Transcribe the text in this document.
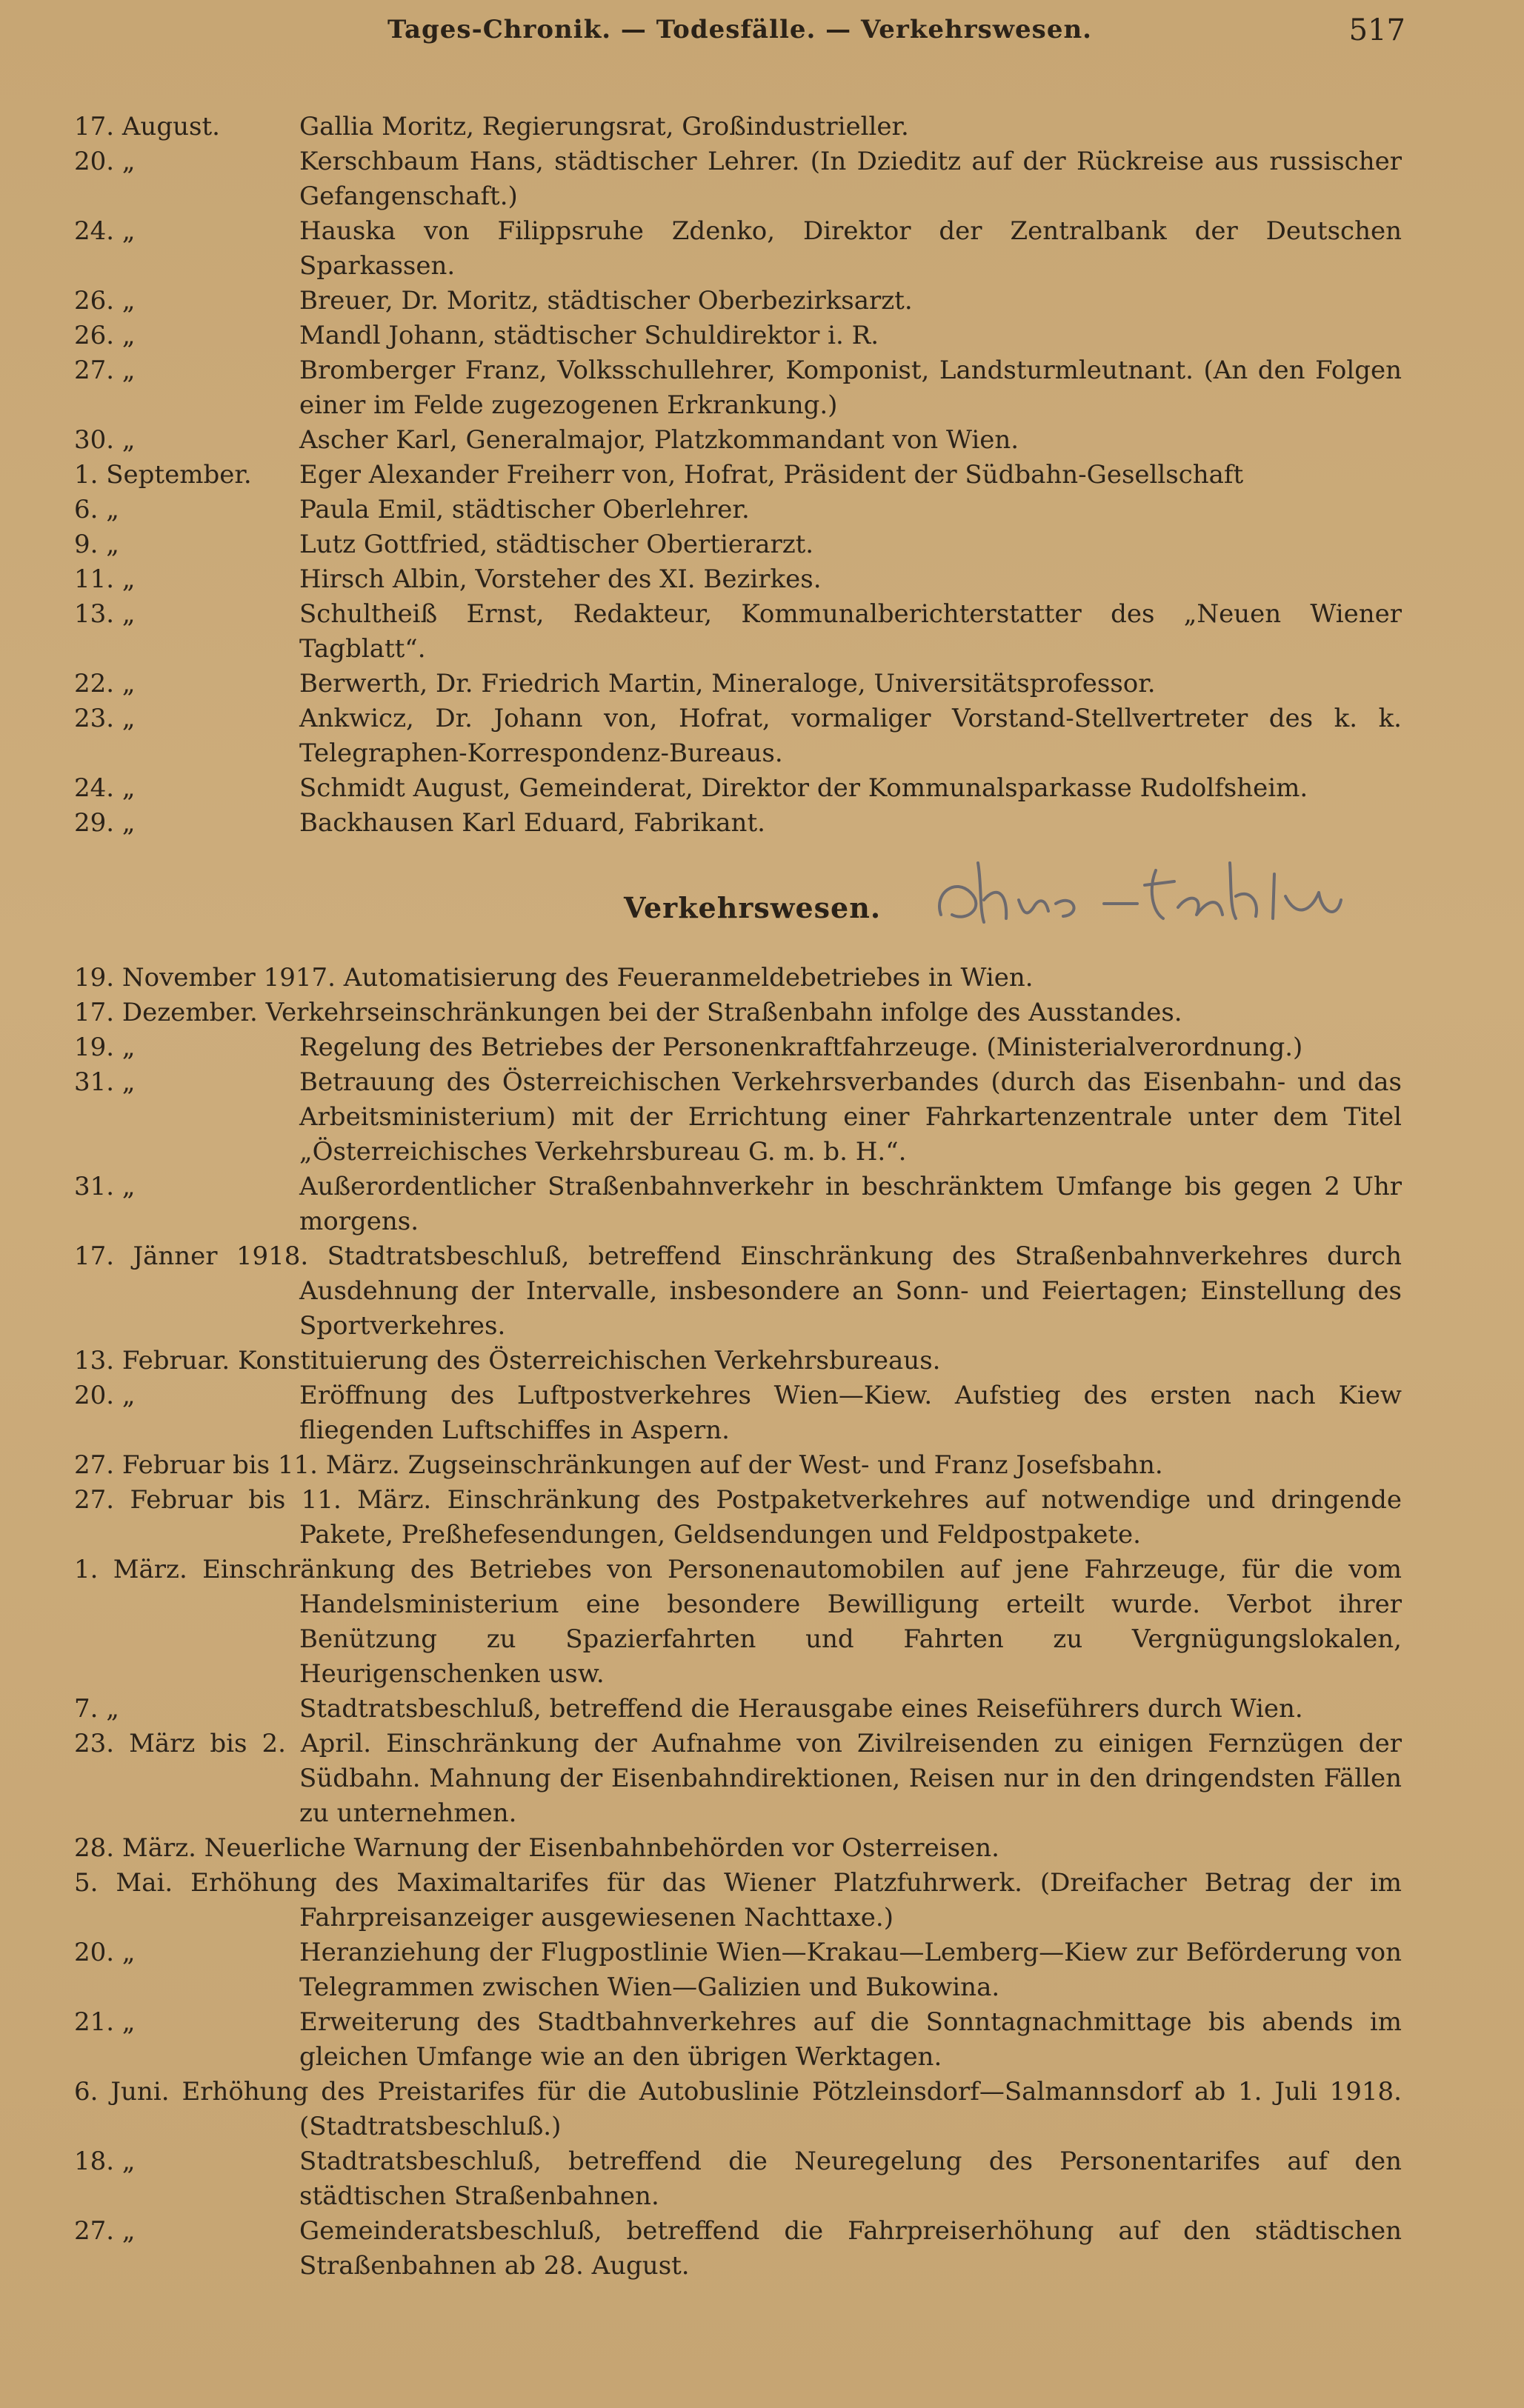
Tages-Chronik. — Todesfälle. — Verkehrswesen.	517
17. August.	Gallia Moritz, Regierungsrat, Großindustrieller.
20. „	Kerschbaum Hans, städtischer Lehrer. (In Dzieditz auf der Rückreise aus russischer Gefangenschaft.)
24. „	Hauska von Filippsruhe Zdenko, Direktor der Zentralbank der Deutschen Sparkassen.
26. „	Breuer, Dr. Moritz, städtischer Oberbezirksarzt.
26. „	Mandl Johann, städtischer Schuldirektor i. R.
27. „	Bromberger Franz, Volksschullehrer, Komponist, Landsturmleutnant. (An den Folgen einer im Felde zugezogenen Erkrankung.)
30. „	Ascher Karl, Generalmajor, Platzkommandant von Wien.
1. September.	Eger Alexander Freiherr von, Hofrat, Präsident der Südbahn-Gesellschaft
6. „	Paula Emil, städtischer Oberlehrer.
9. „	Lutz Gottfried, städtischer Obertierarzt.
11. „	Hirsch Albin, Vorsteher des XI. Bezirkes.
13. „	Schultheiß Ernst, Redakteur, Kommunalberichterstatter des „Neuen Wiener Tagblatt“.
22. „	Berwerth, Dr. Friedrich Martin, Mineraloge, Universitätsprofessor.
23. „	Ankwicz, Dr. Johann von, Hofrat, vormaliger Vorstand-Stellvertreter des k. k. Telegraphen-Korrespondenz-Bureaus.
24. „	Schmidt August, Gemeinderat, Direktor der Kommunalsparkasse Rudolfsheim.
29. „	Backhausen Karl Eduard, Fabrikant.
Verkehrswesen.
19. November 1917. Automatisierung des Feueranmeldebetriebes in Wien.
17. Dezember. Verkehrseinschränkungen bei der Straßenbahn infolge des Ausstandes.
19. „	Regelung des Betriebes der Personenkraftfahrzeuge. (Ministerialverordnung.)
31. „	Betrauung des Österreichischen Verkehrsverbandes (durch das Eisenbahn- und das Arbeitsministerium) mit der Errichtung einer Fahrkartenzentrale unter dem Titel „Österreichisches Verkehrsbureau G. m. b. H.“.
31. „	Außerordentlicher Straßenbahnverkehr in beschränktem Umfange bis gegen 2 Uhr morgens.
17. Jänner 1918. Stadtratsbeschluß, betreffend Einschränkung des Straßenbahnverkehres durch Ausdehnung der Intervalle, insbesondere an Sonn- und Feiertagen; Einstellung des Sportverkehres.
13. Februar. Konstituierung des Österreichischen Verkehrsbureaus.
20. „	Eröffnung des Luftpostverkehres Wien—Kiew. Aufstieg des ersten nach Kiew fliegenden Luftschiffes in Aspern.
27. Februar bis 11. März. Zugseinschränkungen auf der West- und Franz Josefsbahn.
27. Februar bis 11. März. Einschränkung des Postpaketverkehres auf notwendige und dringende Pakete, Preßhefesendungen, Geldsendungen und Feldpostpakete.
1. März. Einschränkung des Betriebes von Personenautomobilen auf jene Fahrzeuge, für die vom Handelsministerium eine besondere Bewilligung erteilt wurde. Verbot ihrer Benützung zu Spazierfahrten und Fahrten zu Vergnügungslokalen, Heurigenschenken usw.
7. „	Stadtratsbeschluß, betreffend die Herausgabe eines Reiseführers durch Wien.
23. März bis 2. April. Einschränkung der Aufnahme von Zivilreisenden zu einigen Fernzügen der Südbahn. Mahnung der Eisenbahndirektionen, Reisen nur in den dringendsten Fällen zu unternehmen.
28. März. Neuerliche Warnung der Eisenbahnbehörden vor Osterreisen.
5. Mai. Erhöhung des Maximaltarifes für das Wiener Platzfuhrwerk. (Dreifacher Betrag der im Fahrpreisanzeiger ausgewiesenen Nachttaxe.)
20. „	Heranziehung der Flugpostlinie Wien—Krakau—Lemberg—Kiew zur Beförderung von Telegrammen zwischen Wien—Galizien und Bukowina.
21. „	Erweiterung des Stadtbahnverkehres auf die Sonntagnachmittage bis abends im gleichen Umfange wie an den übrigen Werktagen.
6. Juni. Erhöhung des Preistarifes für die Autobuslinie Pötzleinsdorf—Salmannsdorf ab 1. Juli 1918. (Stadtratsbeschluß.)
18. „	Stadtratsbeschluß, betreffend die Neuregelung des Personentarifes auf den städtischen Straßenbahnen.
27. „	Gemeinderatsbeschluß, betreffend die Fahrpreiserhöhung auf den städtischen Straßenbahnen ab 28. August.
